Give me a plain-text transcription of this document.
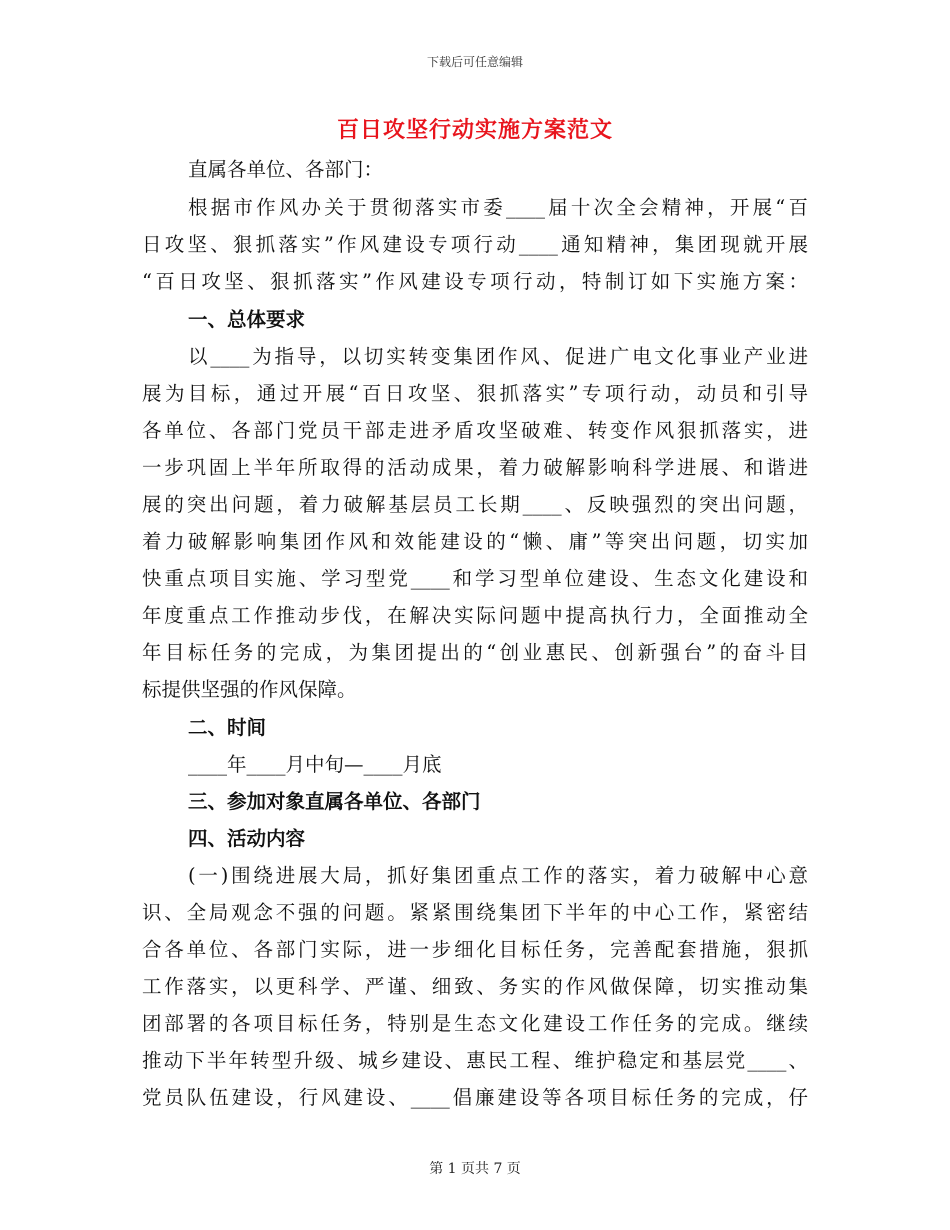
下载后可任意编辑
百日攻坚行动实施方案范文
直属各单位、各部门：
根据市作风办关于贯彻落实市委____届十次全会精神，开展“百
日攻坚、狠抓落实”作风建设专项行动____通知精神，集团现就开展
“百日攻坚、狠抓落实”作风建设专项行动，特制订如下实施方案：
一、总体要求
以____为指导，以切实转变集团作风、促进广电文化事业产业进
展为目标，通过开展“百日攻坚、狠抓落实”专项行动，动员和引导
各单位、各部门党员干部走进矛盾攻坚破难、转变作风狠抓落实，进
一步巩固上半年所取得的活动成果，着力破解影响科学进展、和谐进
展的突出问题，着力破解基层员工长期____、反映强烈的突出问题，
着力破解影响集团作风和效能建设的“懒、庸”等突出问题，切实加
快重点项目实施、学习型党____和学习型单位建设、生态文化建设和
年度重点工作推动步伐，在解决实际问题中提高执行力，全面推动全
年目标任务的完成，为集团提出的“创业惠民、创新强台”的奋斗目
标提供坚强的作风保障。
二、时间
____年____月中旬—____月底
三、参加对象直属各单位、各部门
四、活动内容
(一)围绕进展大局，抓好集团重点工作的落实，着力破解中心意
识、全局观念不强的问题。紧紧围绕集团下半年的中心工作，紧密结
合各单位、各部门实际，进一步细化目标任务，完善配套措施，狠抓
工作落实，以更科学、严谨、细致、务实的作风做保障，切实推动集
团部署的各项目标任务，特别是生态文化建设工作任务的完成。继续
推动下半年转型升级、城乡建设、惠民工程、维护稳定和基层党____、
党员队伍建设，行风建设、____倡廉建设等各项目标任务的完成，仔
第 1 页共 7 页
